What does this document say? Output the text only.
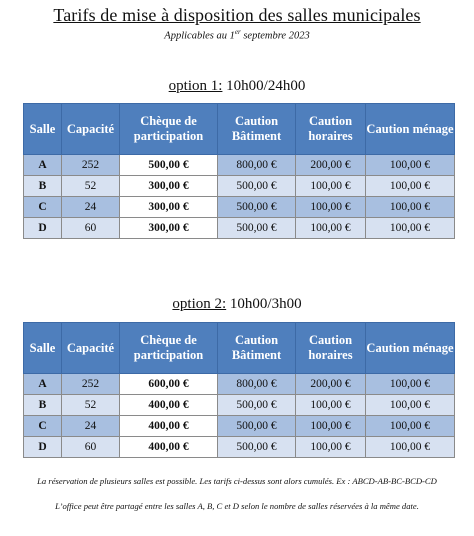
Tarifs de mise à disposition des salles municipales
Applicables au 1er septembre 2023
option 1: 10h00/24h00
Salle	Capacité	Chèque de participation	Caution Bâtiment	Caution horaires	Caution ménage
A	252	500,00 €	800,00 €	200,00 €	100,00 €
B	52	300,00 €	500,00 €	100,00 €	100,00 €
C	24	300,00 €	500,00 €	100,00 €	100,00 €
D	60	300,00 €	500,00 €	100,00 €	100,00 €
option 2: 10h00/3h00
Salle	Capacité	Chèque de participation	Caution Bâtiment	Caution horaires	Caution ménage
A	252	600,00 €	800,00 €	200,00 €	100,00 €
B	52	400,00 €	500,00 €	100,00 €	100,00 €
C	24	400,00 €	500,00 €	100,00 €	100,00 €
D	60	400,00 €	500,00 €	100,00 €	100,00 €
La réservation de plusieurs salles est possible. Les tarifs ci-dessus sont alors cumulés. Ex : ABCD-AB-BC-BCD-CD
L’office peut être partagé entre les salles A, B, C et D selon le nombre de salles réservées à la même date.
